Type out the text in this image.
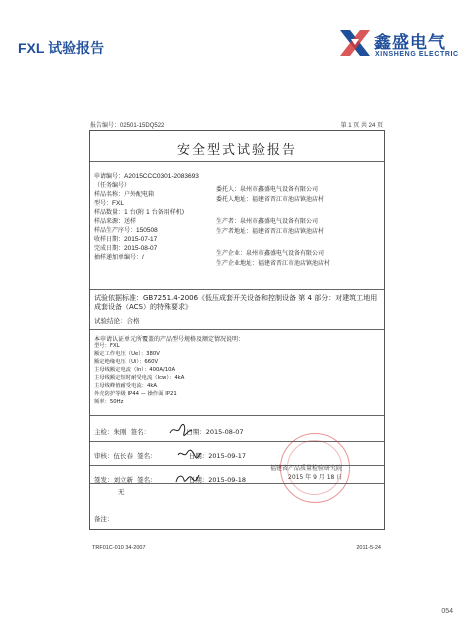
FXL 试验报告	鑫盛电气
XINSHENG ELECTRIC
报告编号：02501-15DQ522	第 1 页 共 24 页
安全型式试验报告
申请编号：A2015CCC0301-2083693
（任务编号）
样品名称：户外配电箱
型号：FXL
样品数量：1 台(附 1 台备用样机)
样品来源：送样
样品生产序号：150508
收样日期：2015-07-17
完成日期：2015-08-07
抽样递加单编号：/
委托人：泉州市鑫盛电气设备有限公司
委托人地址：福建省晋江市池店镇池店村
生产者：泉州市鑫盛电气设备有限公司
生产者地址：福建省晋江市池店镇池店村
生产企业：泉州市鑫盛电气设备有限公司
生产企业地址：福建省晋江市池店镇池店村
试验依据标准：GB7251.4-2006《低压成套开关设备和控制设备 第 4 部分：对建筑工地用成套设备（ACS）的特殊要求》
试验结论：合格
本申请认证单元所覆盖的产品型号规格及额定情况说明：
型号：FXL
额定工作电压（Ue）：380V
额定绝缘电压（Ui）：660V
主母线额定电流（In）：400A/10A
主母线额定短时耐受电流（Icw）：4kA
主母线峰值耐受电流：4kA
外壳防护等级 IP44 — 操作面 IP21
频率：50Hz
主检：朱刚 签名：	日期：2015-08-07
审核：伍长春 签名：	日期：2015-09-17
签发：刘立新 签名：	日期：2015-09-18
福建省产品质量检验研究院
2015 年 9 月 18 日
无
备注：
TRF01C-010 34-2007	2011-5-24
054
